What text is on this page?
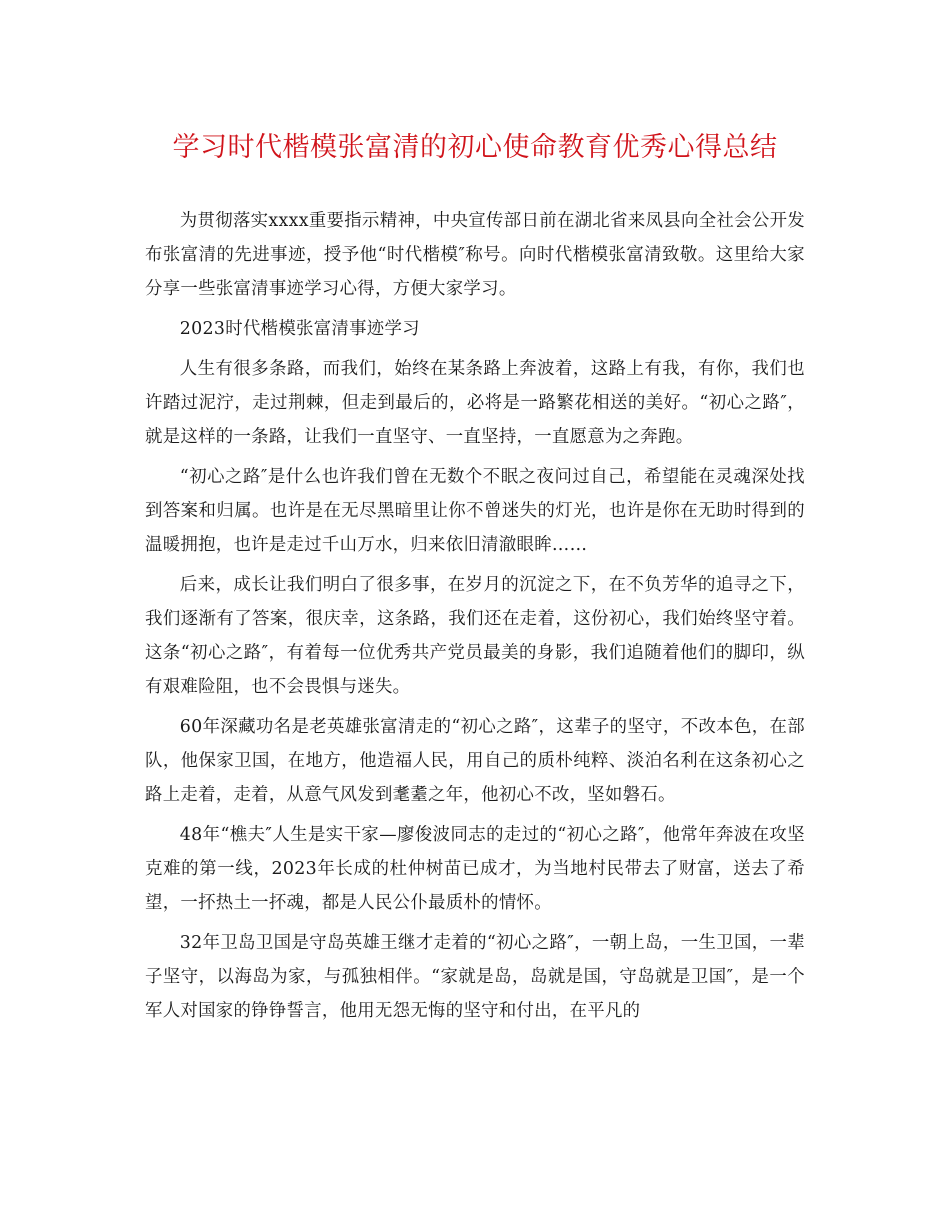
学习时代楷模张富清的初心使命教育优秀心得总结

为贯彻落实xxxx重要指示精神，中央宣传部日前在湖北省来凤县向全社会公开发布张富清的先进事迹，授予他“时代楷模″称号。向时代楷模张富清致敬。这里给大家分享一些张富清事迹学习心得，方便大家学习。

2023时代楷模张富清事迹学习

人生有很多条路，而我们，始终在某条路上奔波着，这路上有我，有你，我们也许踏过泥泞，走过荆棘，但走到最后的，必将是一路繁花相送的美好。“初心之路″，就是这样的一条路，让我们一直坚守、一直坚持，一直愿意为之奔跑。

“初心之路″是什么也许我们曾在无数个不眠之夜问过自己，希望能在灵魂深处找到答案和归属。也许是在无尽黑暗里让你不曾迷失的灯光，也许是你在无助时得到的温暖拥抱，也许是走过千山万水，归来依旧清澈眼眸……

后来，成长让我们明白了很多事，在岁月的沉淀之下，在不负芳华的追寻之下，我们逐渐有了答案，很庆幸，这条路，我们还在走着，这份初心，我们始终坚守着。这条“初心之路″，有着每一位优秀共产党员最美的身影，我们追随着他们的脚印，纵有艰难险阻，也不会畏惧与迷失。

60年深藏功名是老英雄张富清走的“初心之路″，这辈子的坚守，不改本色，在部队，他保家卫国，在地方，他造福人民，用自己的质朴纯粹、淡泊名利在这条初心之路上走着，走着，从意气风发到耄耋之年，他初心不改，坚如磐石。

48年“樵夫″人生是实干家—廖俊波同志的走过的“初心之路″，他常年奔波在攻坚克难的第一线，2023年长成的杜仲树苗已成才，为当地村民带去了财富，送去了希望，一抔热土一抔魂，都是人民公仆最质朴的情怀。

32年卫岛卫国是守岛英雄王继才走着的“初心之路″，一朝上岛，一生卫国，一辈子坚守，以海岛为家，与孤独相伴。“家就是岛，岛就是国，守岛就是卫国″，是一个军人对国家的铮铮誓言，他用无怨无悔的坚守和付出，在平凡的
